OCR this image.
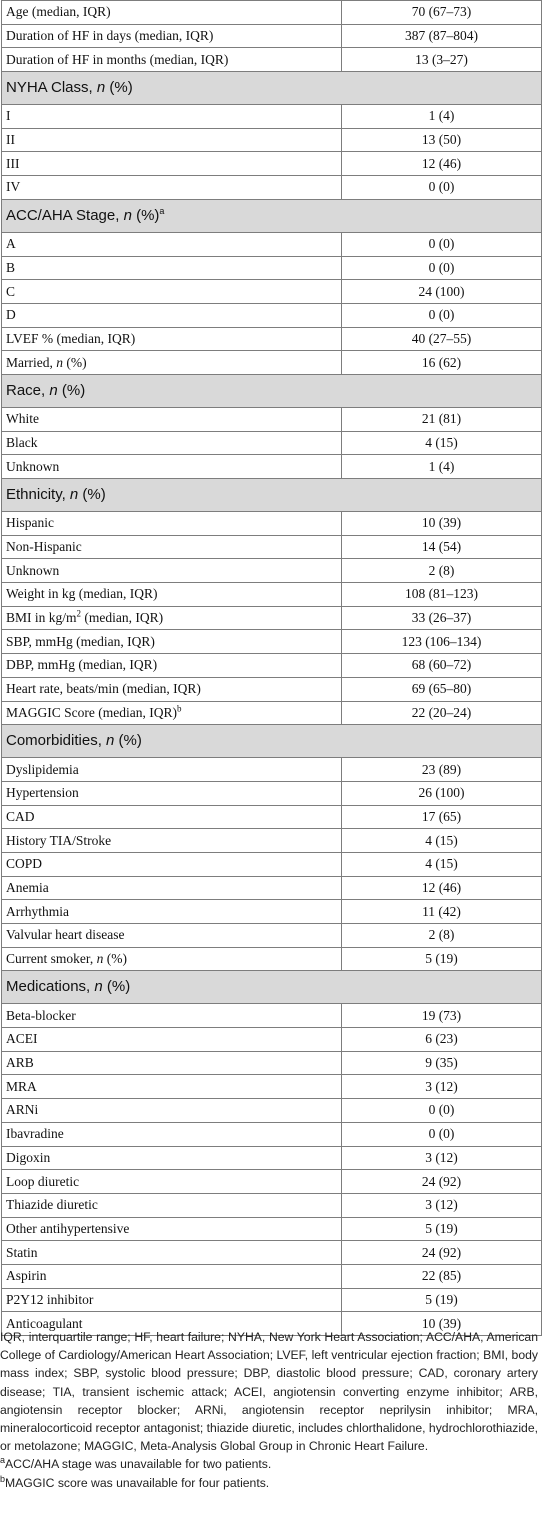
Age (median, IQR)	70 (67–73)
Duration of HF in days (median, IQR)	387 (87–804)
Duration of HF in months (median, IQR)	13 (3–27)
NYHA Class, n (%)	
I	1 (4)
II	13 (50)
III	12 (46)
IV	0 (0)
ACC/AHA Stage, n (%)$^a$
A	0 (0)
B	0 (0)
C	24 (100)
D	0 (0)
LVEF % (median, IQR)	40 (27–55)
Married, n (%)	16 (62)
Race, n (%)	
White	21 (81)
Black	4 (15)
Unknown	1 (4)
Ethnicity, n (%)	
Hispanic	10 (39)
Non-Hispanic	14 (54)
Unknown	2 (8)
Weight in kg (median, IQR)	108 (81–123)
BMI in $kg/m^2$ (median, IQR)	33 (26–37)
SBP, mmHg (median, IQR)	123 (106–134)
DBP, mmHg (median, IQR)	68 (60–72)
Heart rate, beats/min (median, IQR)	69 (65–80)
MAGGIC Score (median, IQR)$^b$	22 (20–24)
Comorbidities, n (%)	
Dyslipidemia	23 (89)
Hypertension	26 (100)
CAD	17 (65)
History TIA/Stroke	4 (15)
COPD	4 (15)
Anemia	12 (46)
Arrhythmia	11 (42)
Valvular heart disease	2 (8)
Current smoker, n (%)	5 (19)
Medications, n (%)	
Beta-blocker	19 (73)
ACEI	6 (23)
ARB	9 (35)
MRA	3 (12)
ARNi	0 (0)
Ibavradine	0 (0)
Digoxin	3 (12)
Loop diuretic	24 (92)
Thiazide diuretic	3 (12)
Other antihypertensive	5 (19)
Statin	24 (92)
Aspirin	22 (85)
P2Y12 inhibitor	5 (19)
Anticoagulant	10 (39)

IQR, interquartile range; HF, heart failure; NYHA, New York Heart Association; ACC/AHA, American College of Cardiology/American Heart Association; LVEF, left ventricular ejection fraction; BMI, body mass index; SBP, systolic blood pressure; DBP, diastolic blood pressure; CAD, coronary artery disease; TIA, transient ischemic attack; ACEI, angiotensin converting enzyme inhibitor; ARB, angiotensin receptor blocker; ARNi, angiotensin receptor neprilysin inhibitor; MRA, mineralocorticoid receptor antagonist; thiazide diuretic, includes chlorthalidone, hydrochlorothiazide, or metolazone; MAGGIC, Meta-Analysis Global Group in Chronic Heart Failure.

$^a$ACC/AHA stage was unavailable for two patients.

$^b$MAGGIC score was unavailable for four patients.
